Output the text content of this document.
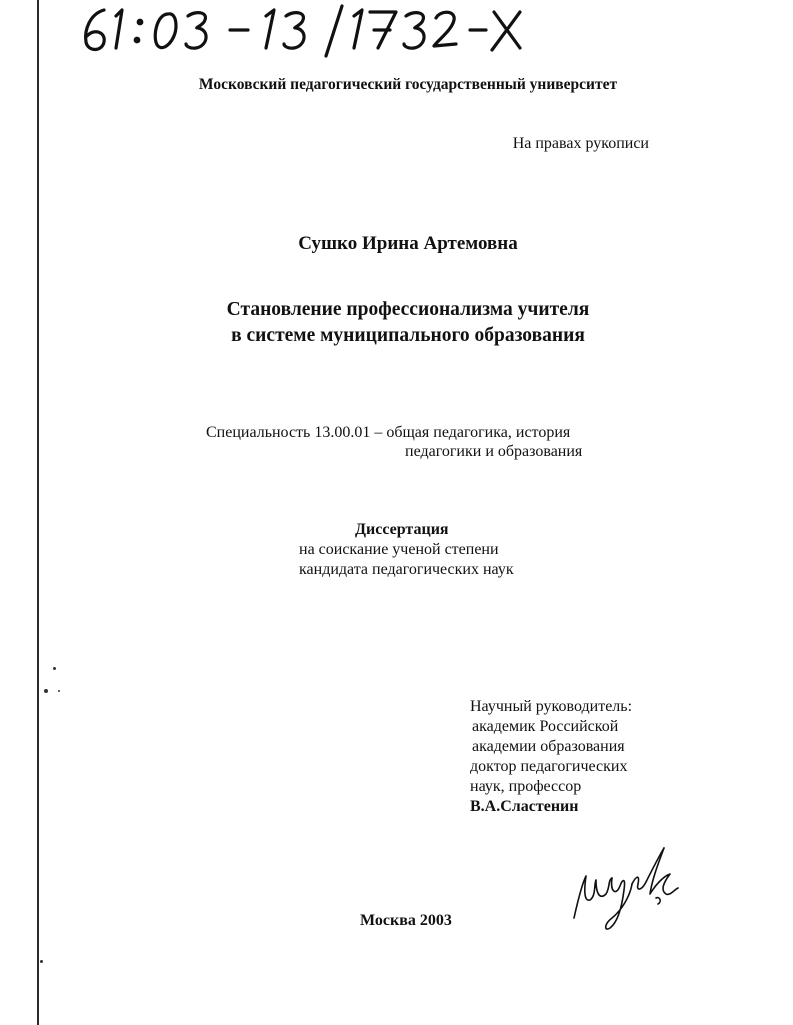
Московский педагогический государственный университет
На правах рукописи
Сушко Ирина Артемовна
Становление профессионализма учителя
в системе муниципального образования
Специальность 13.00.01 – общая педагогика, история
педагогики и образования
Диссертация
на соискание ученой степени
кандидата педагогических наук
Научный руководитель:
академик Российской
академии образования
доктор педагогических
наук, профессор
В.А.Сластенин
Москва 2003
